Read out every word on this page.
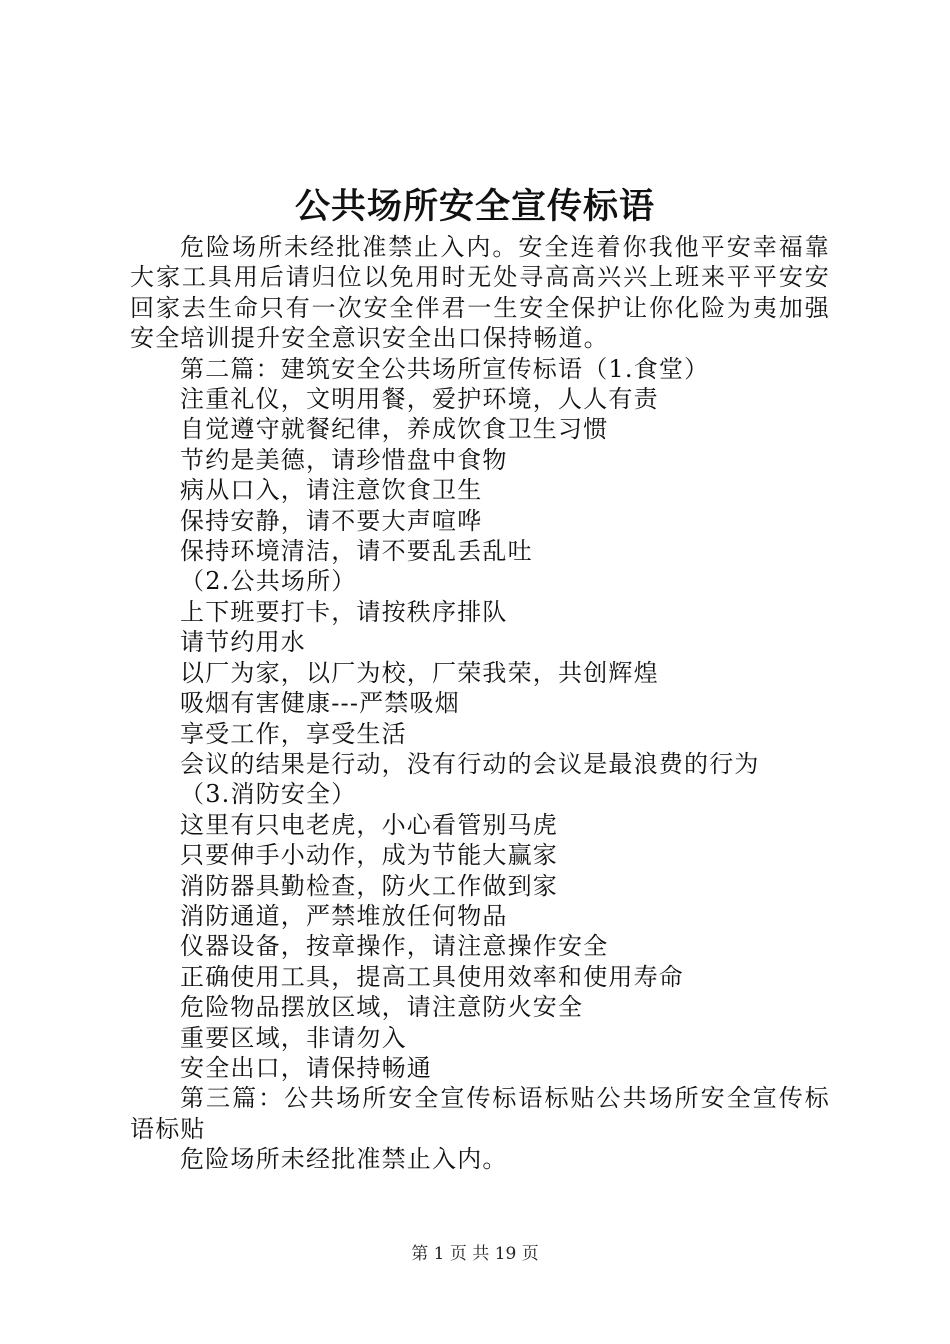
公共场所安全宣传标语

危险场所未经批准禁止入内。安全连着你我他平安幸福靠大家工具用后请归位以免用时无处寻高高兴兴上班来平平安安回家去生命只有一次安全伴君一生安全保护让你化险为夷加强安全培训提升安全意识安全出口保持畅道。

第二篇：建筑安全公共场所宣传标语（1.食堂）

注重礼仪，文明用餐，爱护环境，人人有责

自觉遵守就餐纪律，养成饮食卫生习惯

节约是美德，请珍惜盘中食物

病从口入，请注意饮食卫生

保持安静，请不要大声喧哗

保持环境清洁，请不要乱丢乱吐

（2.公共场所）

上下班要打卡，请按秩序排队

请节约用水

以厂为家，以厂为校，厂荣我荣，共创辉煌

吸烟有害健康---严禁吸烟

享受工作，享受生活

会议的结果是行动，没有行动的会议是最浪费的行为

（3.消防安全）

这里有只电老虎，小心看管别马虎

只要伸手小动作，成为节能大赢家

消防器具勤检查，防火工作做到家

消防通道，严禁堆放任何物品

仪器设备，按章操作，请注意操作安全

正确使用工具，提高工具使用效率和使用寿命

危险物品摆放区域，请注意防火安全

重要区域，非请勿入

安全出口，请保持畅通

第三篇：公共场所安全宣传标语标贴公共场所安全宣传标语标贴

危险场所未经批准禁止入内。

第 1 页 共 19 页
